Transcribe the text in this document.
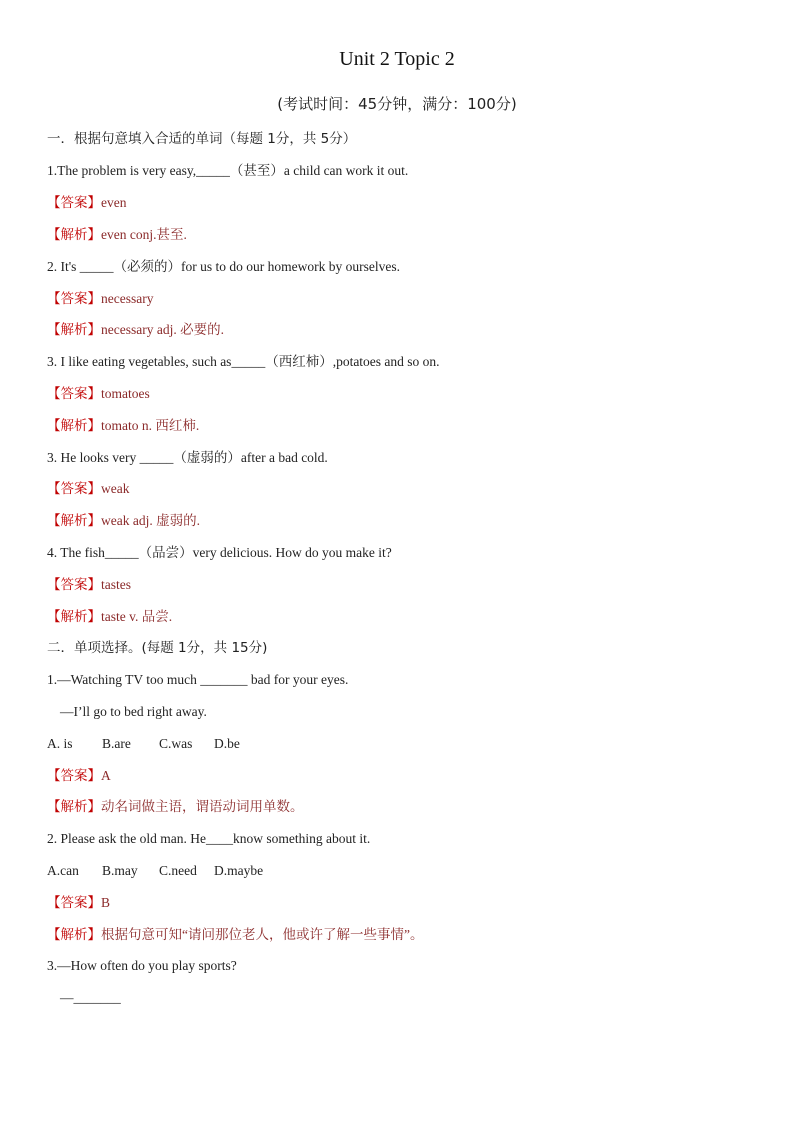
Unit 2 Topic 2
(考试时间：45分钟，满分：100分)
一．根据句意填入合适的单词（每题 1分，共 5分）
1.The problem is very easy,_____（甚至）a child can work it out.
【答案】even
【解析】even conj.甚至.
2. It's _____（必须的）for us to do our homework by ourselves.
【答案】necessary
【解析】necessary adj. 必要的.
3. I like eating vegetables, such as_____（西红柿）,potatoes and so on.
【答案】tomatoes
【解析】tomato n. 西红柿.
3. He looks very _____（虚弱的）after a bad cold.
【答案】weak
【解析】weak adj. 虚弱的.
4. The fish_____（品尝）very delicious. How do you make it?
【答案】tastes
【解析】taste v. 品尝.
二．单项选择。(每题 1分，共 15分)
1.—Watching TV too much _______ bad for your eyes.
—I’ll go to bed right away.
A. is B.are C.was D.be
【答案】A
【解析】动名词做主语，谓语动词用单数。
2. Please ask the old man. He____know something about it.
A.can B.may C.need D.maybe
【答案】B
【解析】根据句意可知“请问那位老人，他或许了解一些事情”。
3.—How often do you play sports?
—_______
